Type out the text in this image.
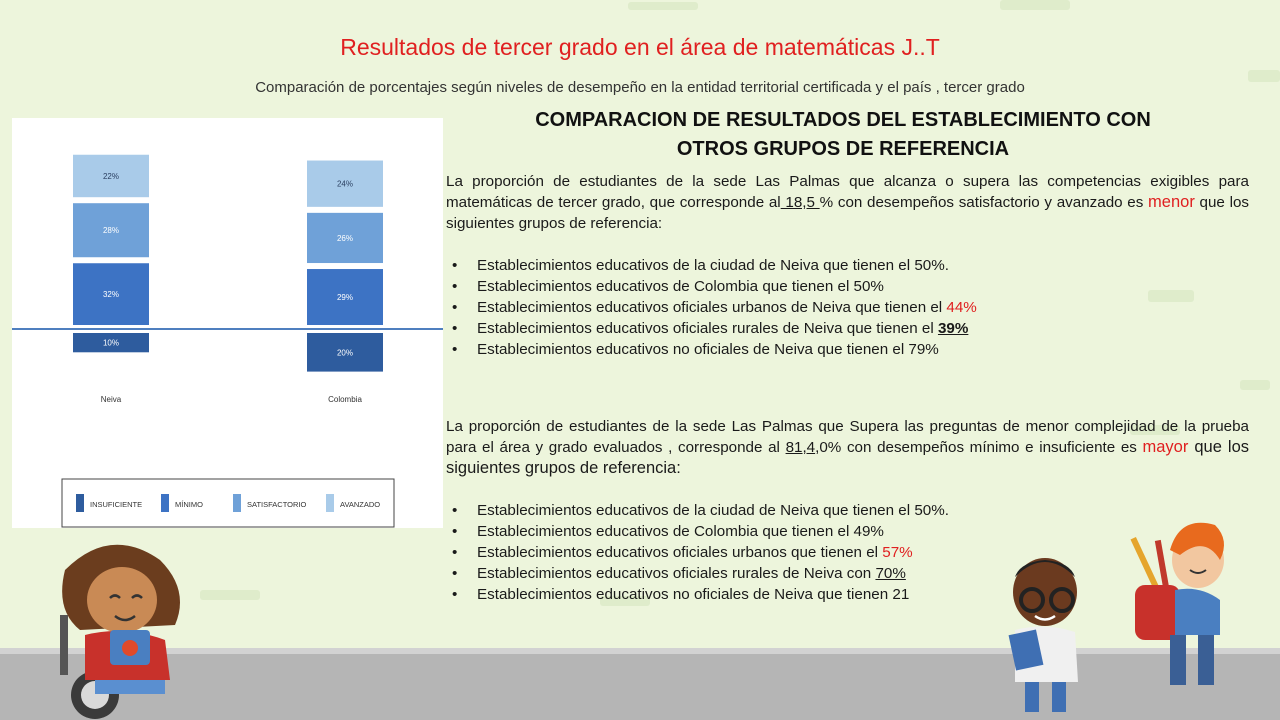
Resultados de tercer grado en el área de matemáticas J..T
Comparación de porcentajes según niveles de desempeño en la entidad territorial certificada y el país , tercer grado
10%
32%
28%
22%
Neiva
20%
29%
26%
24%
Colombia
INSUFICIENTE	MÍNIMO	SATISFACTORIO	AVANZADO
COMPARACION DE RESULTADOS DEL ESTABLECIMIENTO CON
OTROS GRUPOS DE REFERENCIA

La proporción de estudiantes de la sede Las Palmas que alcanza o supera las competencias exigibles para matemáticas de tercer grado, que corresponde al 18,5 % con desempeños satisfactorio y avanzado es menor que los siguientes grupos de referencia:

• Establecimientos educativos de la ciudad de Neiva que tienen el 50%.
• Establecimientos educativos de Colombia que tienen el 50%
• Establecimientos educativos oficiales urbanos de Neiva que tienen el 44%
• Establecimientos educativos oficiales rurales de Neiva que tienen el 39%
• Establecimientos educativos no oficiales de Neiva que tienen el 79%

La proporción de estudiantes de la sede Las Palmas que Supera las preguntas de menor complejidad de la prueba para el área y grado evaluados , corresponde al 81,4,0% con desempeños mínimo e insuficiente es mayor que los siguientes grupos de referencia:

• Establecimientos educativos de la ciudad de Neiva que tienen el 50%.
• Establecimientos educativos de Colombia que tienen el 49%
• Establecimientos educativos oficiales urbanos que tienen el 57%
• Establecimientos educativos oficiales rurales de Neiva con 70%
• Establecimientos educativos no oficiales de Neiva que tienen 21
